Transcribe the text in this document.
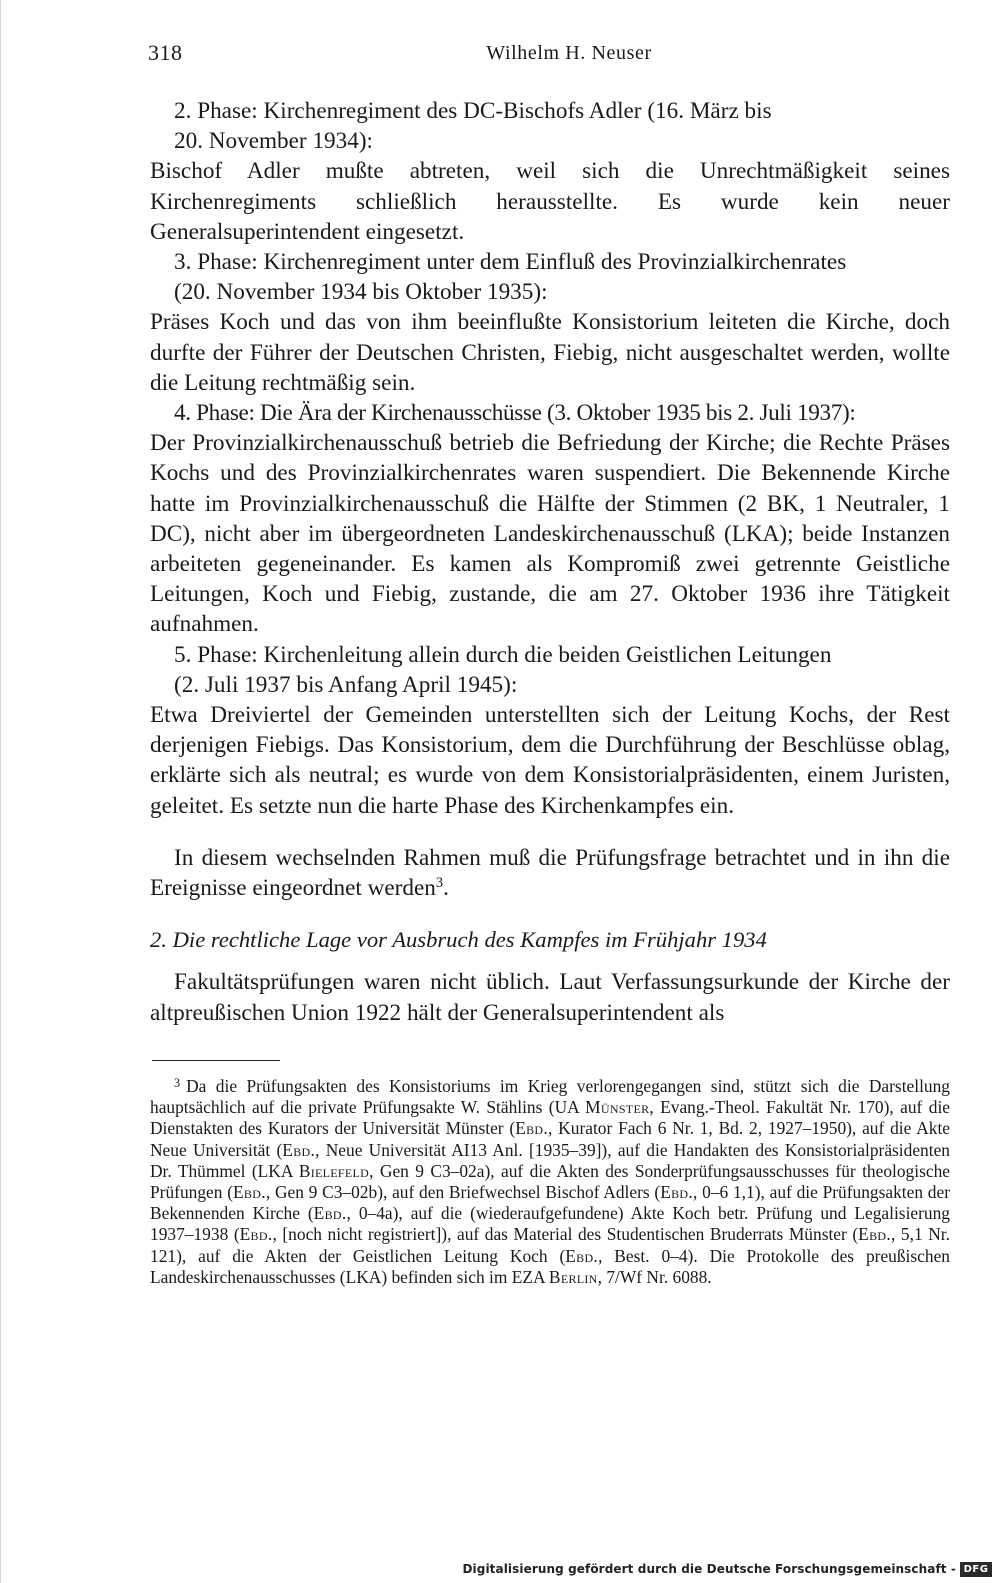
318	Wilhelm H. Neuser

2. Phase: Kirchenregiment des DC-Bischofs Adler (16. März bis
20. November 1934):

Bischof Adler mußte abtreten, weil sich die Unrechtmäßigkeit seines Kirchenregiments schließlich herausstellte. Es wurde kein neuer Generalsuperintendent eingesetzt.

3. Phase: Kirchenregiment unter dem Einfluß des Provinzialkirchenrates
(20. November 1934 bis Oktober 1935):

Präses Koch und das von ihm beeinflußte Konsistorium leiteten die Kirche, doch durfte der Führer der Deutschen Christen, Fiebig, nicht ausgeschaltet werden, wollte die Leitung rechtmäßig sein.

4. Phase: Die Ära der Kirchenausschüsse (3. Oktober 1935 bis 2. Juli 1937):

Der Provinzialkirchenausschuß betrieb die Befriedung der Kirche; die Rechte Präses Kochs und des Provinzialkirchenrates waren suspendiert. Die Bekennende Kirche hatte im Provinzialkirchenausschuß die Hälfte der Stimmen (2 BK, 1 Neutraler, 1 DC), nicht aber im übergeordneten Landeskirchenausschuß (LKA); beide Instanzen arbeiteten gegeneinander. Es kamen als Kompromiß zwei getrennte Geistliche Leitungen, Koch und Fiebig, zustande, die am 27. Oktober 1936 ihre Tätigkeit aufnahmen.

5. Phase: Kirchenleitung allein durch die beiden Geistlichen Leitungen
(2. Juli 1937 bis Anfang April 1945):

Etwa Dreiviertel der Gemeinden unterstellten sich der Leitung Kochs, der Rest derjenigen Fiebigs. Das Konsistorium, dem die Durchführung der Beschlüsse oblag, erklärte sich als neutral; es wurde von dem Konsistorialpräsidenten, einem Juristen, geleitet. Es setzte nun die harte Phase des Kirchenkampfes ein.

In diesem wechselnden Rahmen muß die Prüfungsfrage betrachtet und in ihn die Ereignisse eingeordnet werden$^3$.

2. Die rechtliche Lage vor Ausbruch des Kampfes im Frühjahr 1934

Fakultätsprüfungen waren nicht üblich. Laut Verfassungsurkunde der Kirche der altpreußischen Union 1922 hält der Generalsuperintendent als

$^3$ Da die Prüfungsakten des Konsistoriums im Krieg verlorengegangen sind, stützt sich die Darstellung hauptsächlich auf die private Prüfungsakte W. Stählins (UA Münster, Evang.-Theol. Fakultät Nr. 170), auf die Dienstakten des Kurators der Universität Münster (Ebd., Kurator Fach 6 Nr. 1, Bd. 2, 1927–1950), auf die Akte Neue Universität (Ebd., Neue Universität AI13 Anl. [1935–39]), auf die Handakten des Konsistorialpräsidenten Dr. Thümmel (LKA Bielefeld, Gen 9 C3–02a), auf die Akten des Sonderprüfungsausschusses für theologische Prüfungen (Ebd., Gen 9 C3–02b), auf den Briefwechsel Bischof Adlers (Ebd., 0–6 1,1), auf die Prüfungsakten der Bekennenden Kirche (Ebd., 0–4a), auf die (wiederaufgefundene) Akte Koch betr. Prüfung und Legalisierung 1937–1938 (Ebd., [noch nicht registriert]), auf das Material des Studentischen Bruderrats Münster (Ebd., 5,1 Nr. 121), auf die Akten der Geistlichen Leitung Koch (Ebd., Best. 0–4). Die Protokolle des preußischen Landeskirchenausschusses (LKA) befinden sich im EZA Berlin, 7/Wf Nr. 6088.

Digitalisierung gefördert durch die Deutsche Forschungsgemeinschaft - DFG
